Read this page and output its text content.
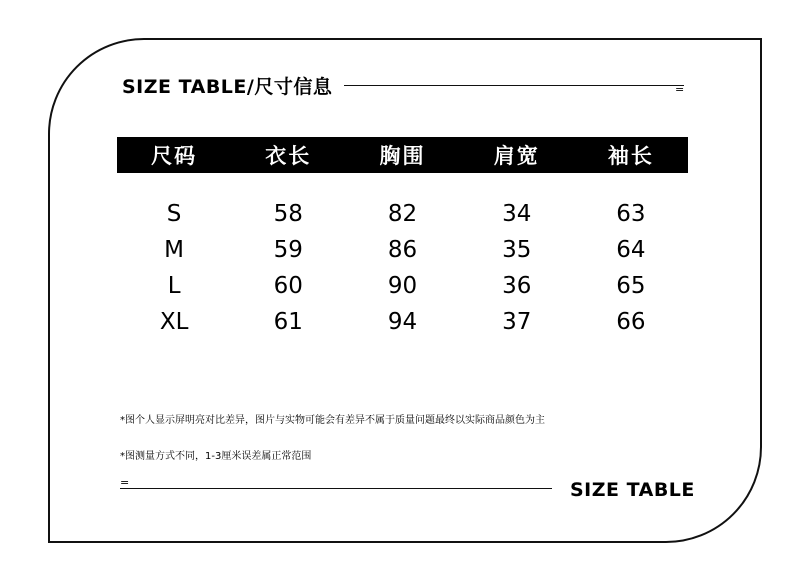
SIZE TABLE/尺寸信息	=
尺码	衣长	胸围	肩宽	袖长
S	58	82	34	63
M	59	86	35	64
L	60	90	36	65
XL	61	94	37	66
*图个人显示屏明亮对比差异，图片与实物可能会有差异不属于质量问题最终以实际商品颜色为主
*图测量方式不同，1-3厘米误差属正常范围
=	SIZE TABLE
